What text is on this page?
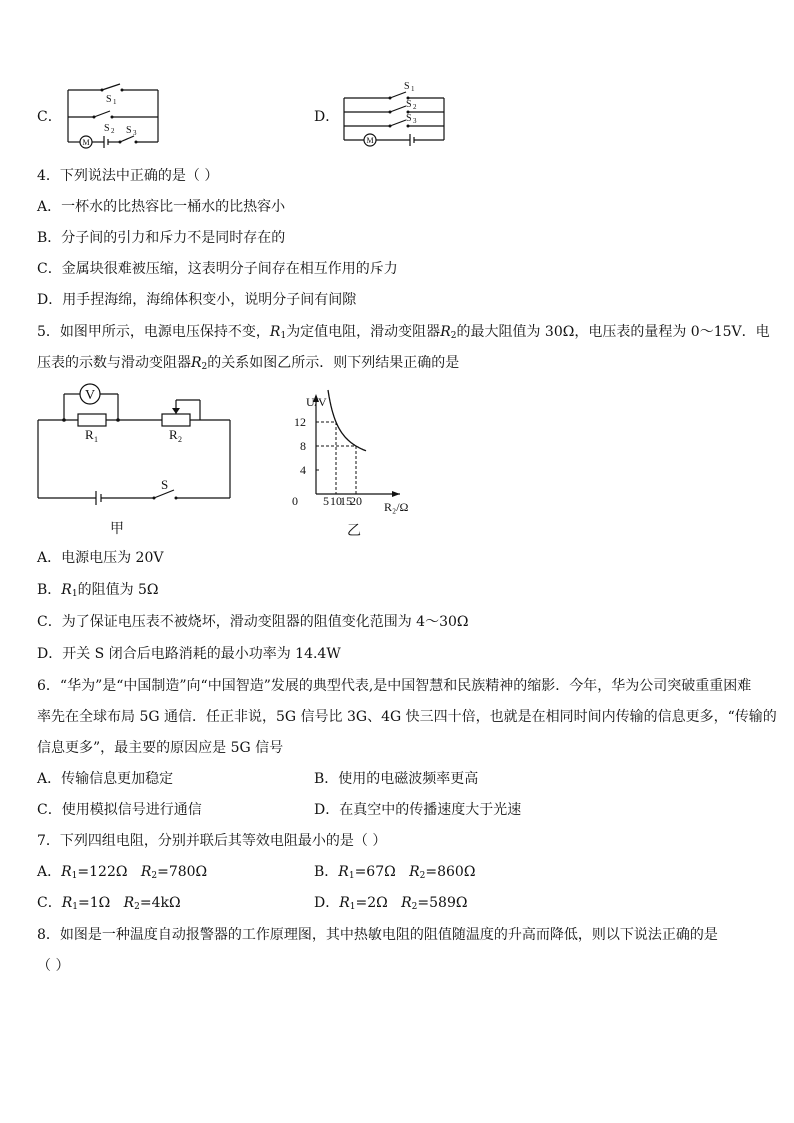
C．
S 1
S 2 S 3
M
D．
S 1
S 2
S 3
M
4．下列说法中正确的是（ ）
A．一杯水的比热容比一桶水的比热容小
B．分子间的引力和斥力不是同时存在的
C．金属块很难被压缩，这表明分子间存在相互作用的斥力
D．用手捏海绵，海绵体积变小，说明分子间有间隙
5．如图甲所示，电源电压保持不变，$R_1$为定值电阻，滑动变阻器$R_2$的最大阻值为 30Ω，电压表的量程为 0～15V．电
压表的示数与滑动变阻器$R_2$的关系如图乙所示．则下列结果正确的是
V
R 1	R 2
S
甲
5 10
15
20
12
8
4
U/V
R₂/Ω
0
乙
A．电源电压为 20V
B．$R_1$的阻值为 5Ω
C．为了保证电压表不被烧坏，滑动变阻器的阻值变化范围为 4～30Ω
D．开关 S 闭合后电路消耗的最小功率为 14.4W
6．“华为”是“中国制造”向“中国智造”发展的典型代表,是中国智慧和民族精神的缩影．今年，华为公司突破重重困难
率先在全球布局 5G 通信．任正非说，5G 信号比 3G、4G 快三四十倍，也就是在相同时间内传输的信息更多，“传输的
信息更多”，最主要的原因应是 5G 信号
A．传输信息更加稳定	B．使用的电磁波频率更高
C．使用模拟信号进行通信	D．在真空中的传播速度大于光速
7．下列四组电阻，分别并联后其等效电阻最小的是（ ）
A．$R_1=122\Omega$ $R_2=780\Omega$	B．$R_1=67\Omega$ $R_2=860\Omega$
C．$R_1=1\Omega$ $R_2=4k\Omega$	D．$R_1=2\Omega$ $R_2=589\Omega$
8．如图是一种温度自动报警器的工作原理图，其中热敏电阻的阻值随温度的升高而降低，则以下说法正确的是
（ ）
